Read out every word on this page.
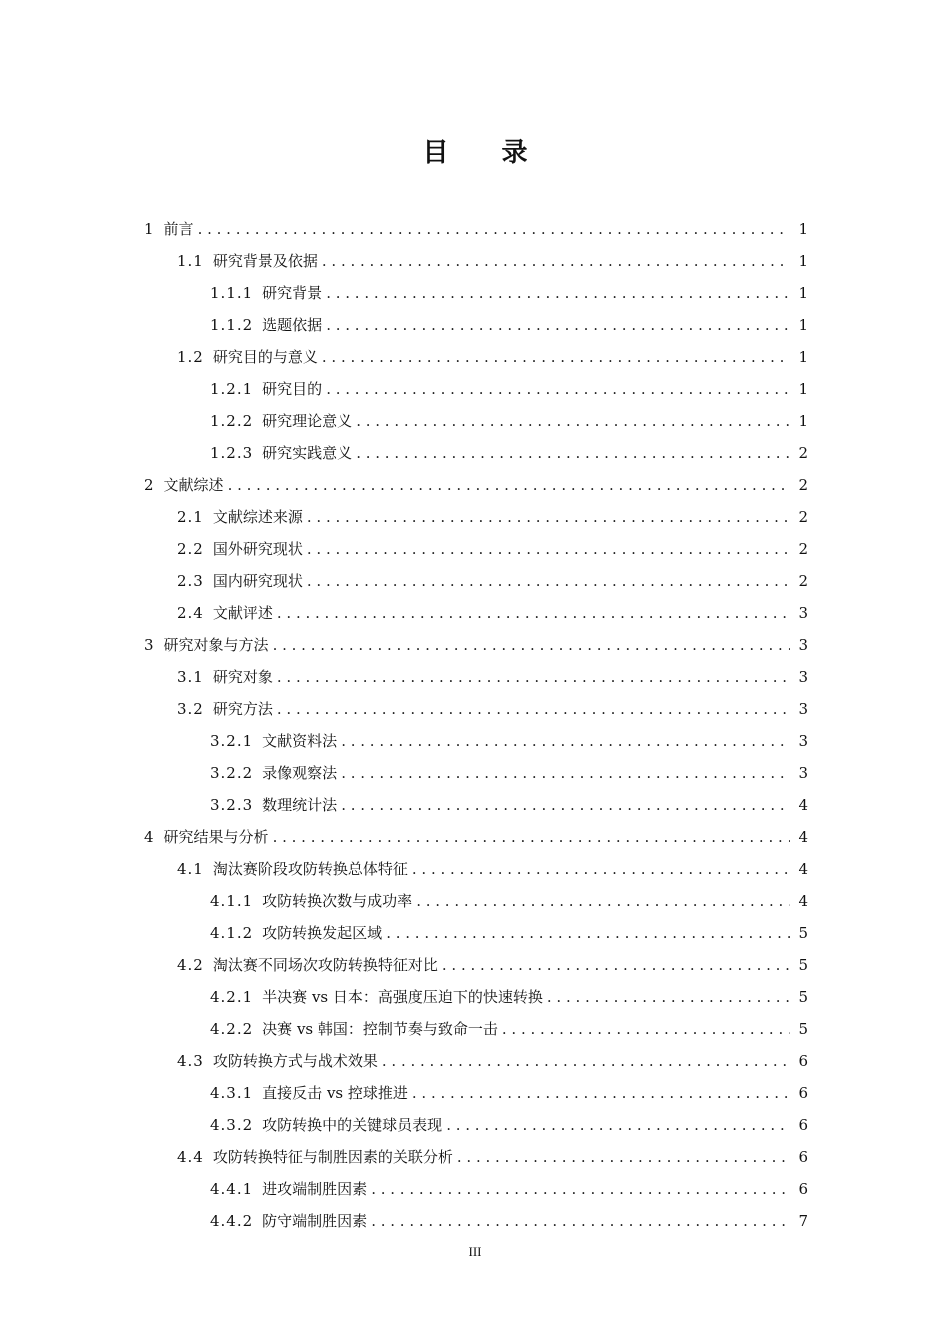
目 录
1 前言 . . .	1
1.1 研究背景及依据 . . .	1
1.1.1 研究背景 . . .	1
1.1.2 选题依据 . . .	1
1.2 研究目的与意义 . . .	1
1.2.1 研究目的 . . .	1
1.2.2 研究理论意义 . . .	1
1.2.3 研究实践意义 . . .	2
2 文献综述 . . .	2
2.1 文献综述来源 . . .	2
2.2 国外研究现状 . . .	2
2.3 国内研究现状 . . .	2
2.4 文献评述 . . .	3
3 研究对象与方法 . . .	3
3.1 研究对象 . . .	3
3.2 研究方法 . . .	3
3.2.1 文献资料法 . . .	3
3.2.2 录像观察法 . . .	3
3.2.3 数理统计法 . . .	4
4 研究结果与分析 . . .	4
4.1 淘汰赛阶段攻防转换总体特征 . . .	4
4.1.1 攻防转换次数与成功率 . . .	4
4.1.2 攻防转换发起区域 . . .	5
4.2 淘汰赛不同场次攻防转换特征对比 . . .	5
4.2.1 半决赛 vs 日本：高强度压迫下的快速转换 . . .	5
4.2.2 决赛 vs 韩国：控制节奏与致命一击 . . .	5
4.3 攻防转换方式与战术效果 . . .	6
4.3.1 直接反击 vs 控球推进 . . .	6
4.3.2 攻防转换中的关键球员表现 . . .	6
4.4 攻防转换特征与制胜因素的关联分析 . . .	6
4.4.1 进攻端制胜因素 . . .	6
4.4.2 防守端制胜因素 . . .	7
III
